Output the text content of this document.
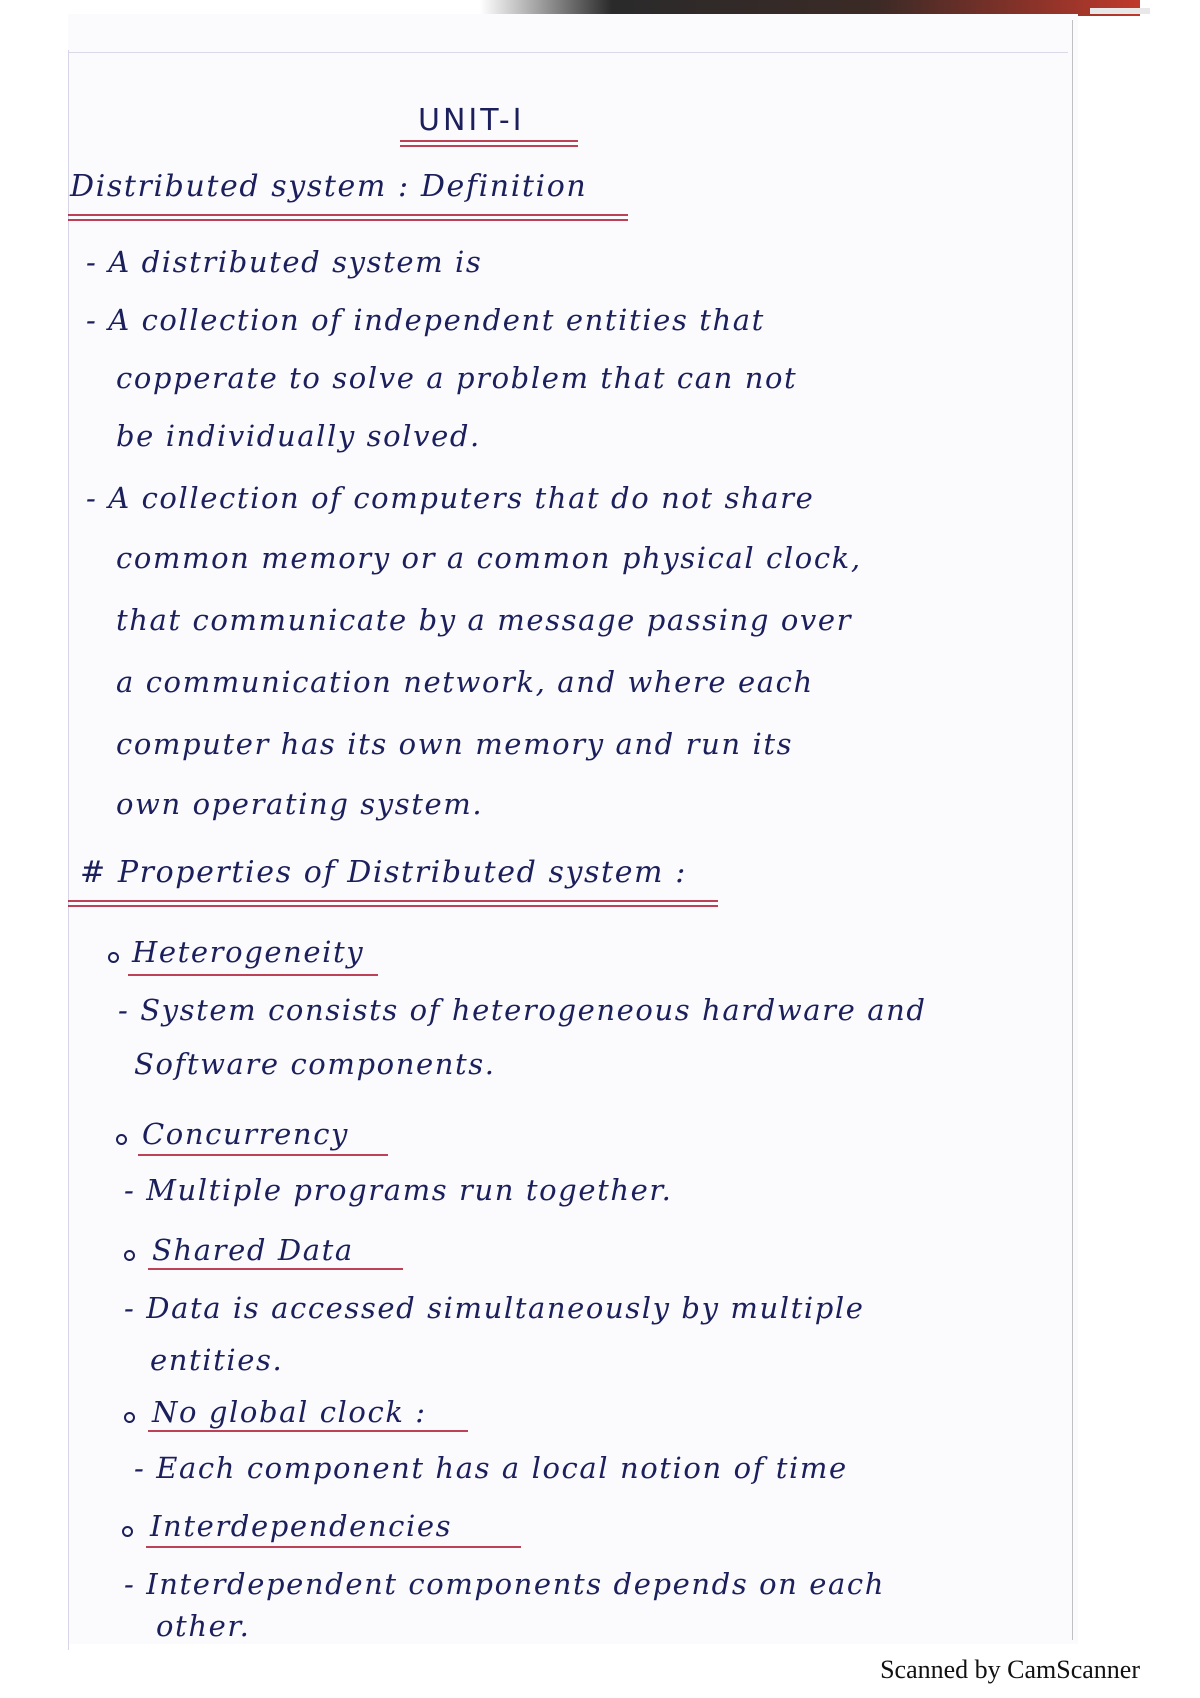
UNIT-I
Distributed system : Definition
- A distributed system is
- A collection of independent entities that
copperate to solve a problem that can not
be individually solved.
- A collection of computers that do not share
common memory or a common physical clock,
that communicate by a message passing over
a communication network, and where each
computer has its own memory and run its
own operating system.
# Properties of Distributed system :
Heterogeneity
- System consists of heterogeneous hardware and
Software components.
Concurrency
- Multiple programs run together.
Shared Data
- Data is accessed simultaneously by multiple
entities.
No global clock :
- Each component has a local notion of time
Interdependencies
- Interdependent components depends on each
other.
Scanned by CamScanner
